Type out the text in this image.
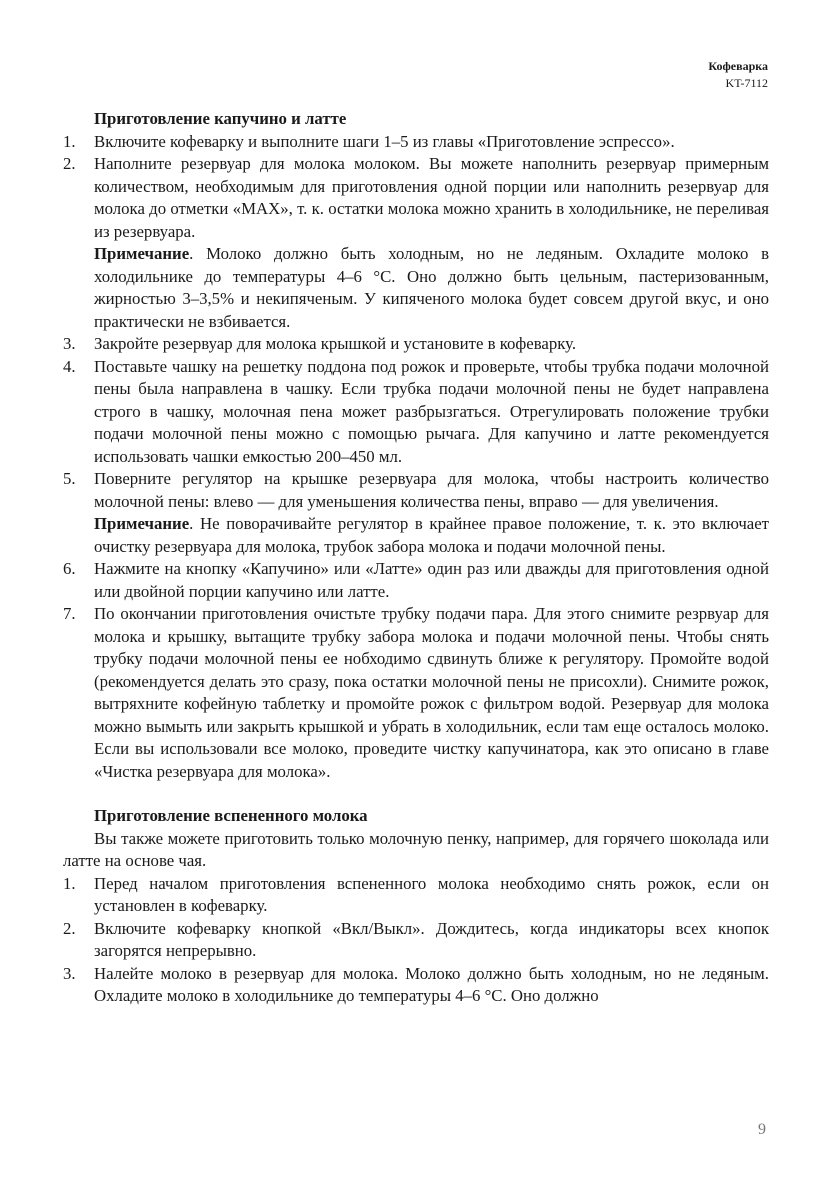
Кофеварка
KT-7112

Приготовление капучино и латте

1. Включите кофеварку и выполните шаги 1–5 из главы «Приготовление эспрессо».
2. Наполните резервуар для молока молоком. Вы можете наполнить резервуар примерным количеством, необходимым для приготовления одной порции или наполнить резервуар для молока до отметки «MAX», т. к. остатки молока можно хранить в холодильнике, не переливая из резервуара.

Примечание. Молоко должно быть холодным, но не ледяным. Охладите молоко в холодильнике до температуры 4–6 °С. Оно должно быть цельным, пастеризованным, жирностью 3–3,5% и некипяченым. У кипяченого молока будет совсем другой вкус, и оно практически не взбивается.

3. Закройте резервуар для молока крышкой и установите в кофеварку.
4. Поставьте чашку на решетку поддона под рожок и проверьте, чтобы трубка подачи молочной пены была направлена в чашку. Если трубка подачи молочной пены не будет направлена строго в чашку, молочная пена может разбрызгаться. Отрегулировать положение трубки подачи молочной пены можно с помощью рычага. Для капучино и латте рекомендуется использовать чашки емкостью 200–450 мл.
5. Поверните регулятор на крышке резервуара для молока, чтобы настроить количество молочной пены: влево — для уменьшения количества пены, вправо — для увеличения.

Примечание. Не поворачивайте регулятор в крайнее правое положение, т. к. это включает очистку резервуара для молока, трубок забора молока и подачи молочной пены.

6. Нажмите на кнопку «Капучино» или «Латте» один раз или дважды для приготовления одной или двойной порции капучино или латте.
7. По окончании приготовления очистьте трубку подачи пара. Для этого снимите резрвуар для молока и крышку, вытащите трубку забора молока и подачи молочной пены. Чтобы снять трубку подачи молочной пены ее нобходимо сдвинуть ближе к регулятору. Промойте водой (рекомендуется делать это сразу, пока остатки молочной пены не присохли). Снимите рожок, вытряхните кофейную таблетку и промойте рожок с фильтром водой. Резервуар для молока можно вымыть или закрыть крышкой и убрать в холодильник, если там еще осталось молоко. Если вы использовали все молоко, проведите чистку капучинатора, как это описано в главе «Чистка резервуара для молока».

Приготовление вспененного молока

Вы также можете приготовить только молочную пенку, например, для горячего шоколада или латте на основе чая.

1. Перед началом приготовления вспененного молока необходимо снять рожок, если он установлен в кофеварку.
2. Включите кофеварку кнопкой «Вкл/Выкл». Дождитесь, когда индикаторы всех кнопок загорятся непрерывно.
3. Налейте молоко в резервуар для молока. Молоко должно быть холодным, но не ледяным. Охладите молоко в холодильнике до температуры 4–6 °С. Оно должно
9
